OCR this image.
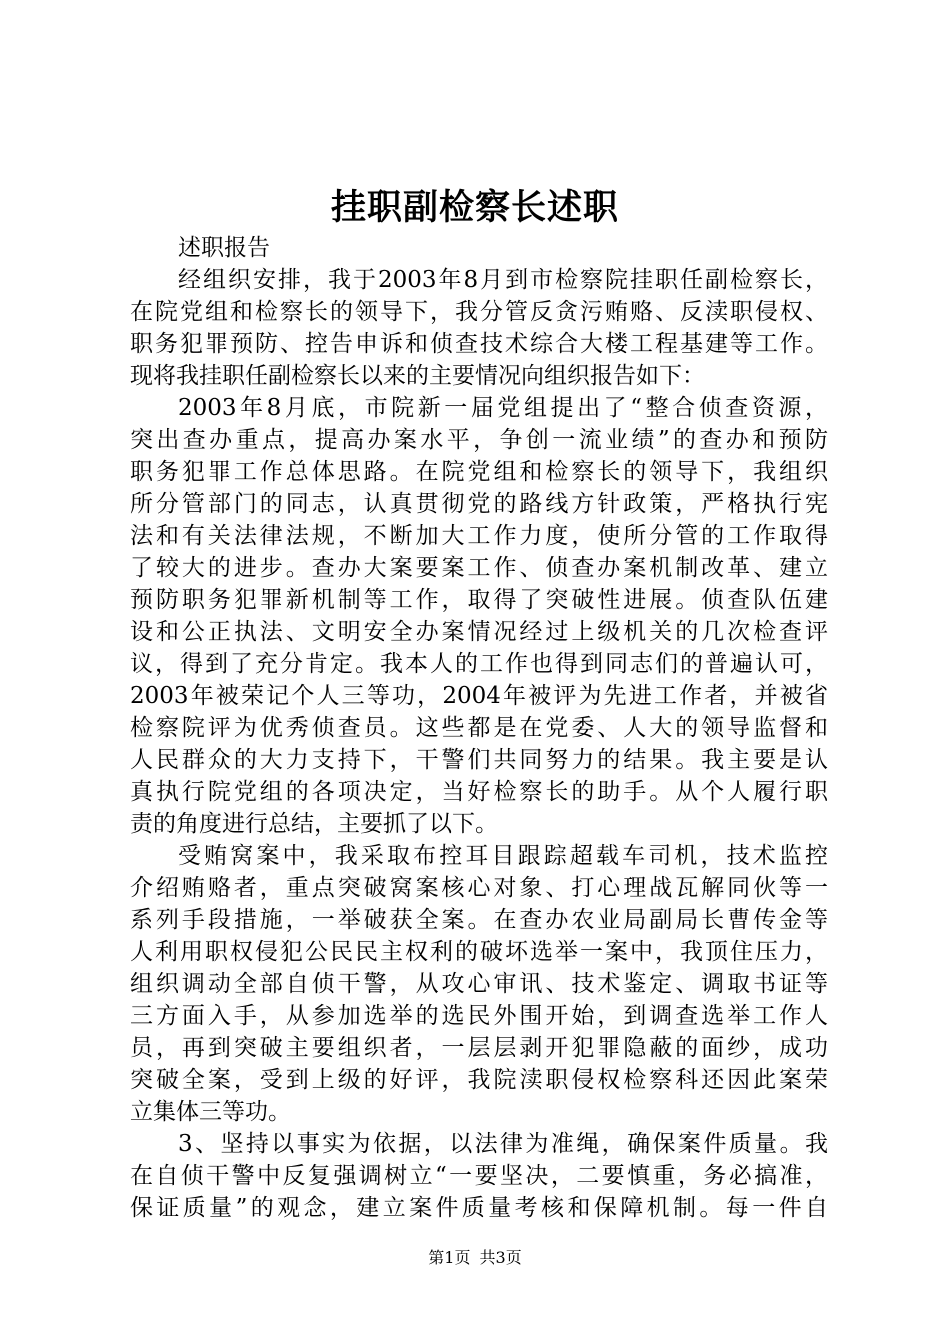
挂职副检察长述职
述职报告
经组织安排，我于2003年8月到市检察院挂职任副检察长，
在院党组和检察长的领导下，我分管反贪污贿赂、反渎职侵权、
职务犯罪预防、控告申诉和侦查技术综合大楼工程基建等工作。
现将我挂职任副检察长以来的主要情况向组织报告如下：
2003年8月底，市院新一届党组提出了“整合侦查资源，
突出查办重点，提高办案水平，争创一流业绩”的查办和预防
职务犯罪工作总体思路。在院党组和检察长的领导下，我组织
所分管部门的同志，认真贯彻党的路线方针政策，严格执行宪
法和有关法律法规，不断加大工作力度，使所分管的工作取得
了较大的进步。查办大案要案工作、侦查办案机制改革、建立
预防职务犯罪新机制等工作，取得了突破性进展。侦查队伍建
设和公正执法、文明安全办案情况经过上级机关的几次检查评
议，得到了充分肯定。我本人的工作也得到同志们的普遍认可，
2003年被荣记个人三等功，2004年被评为先进工作者，并被省
检察院评为优秀侦查员。这些都是在党委、人大的领导监督和
人民群众的大力支持下，干警们共同努力的结果。我主要是认
真执行院党组的各项决定，当好检察长的助手。从个人履行职
责的角度进行总结，主要抓了以下。
受贿窝案中，我采取布控耳目跟踪超载车司机，技术监控
介绍贿赂者，重点突破窝案核心对象、打心理战瓦解同伙等一
系列手段措施，一举破获全案。在查办农业局副局长曹传金等
人利用职权侵犯公民民主权利的破坏选举一案中，我顶住压力，
组织调动全部自侦干警，从攻心审讯、技术鉴定、调取书证等
三方面入手，从参加选举的选民外围开始，到调查选举工作人
员，再到突破主要组织者，一层层剥开犯罪隐蔽的面纱，成功
突破全案，受到上级的好评，我院渎职侵权检察科还因此案荣
立集体三等功。
3、坚持以事实为依据，以法律为准绳，确保案件质量。我
在自侦干警中反复强调树立“一要坚决，二要慎重，务必搞准，
保证质量”的观念，建立案件质量考核和保障机制。每一件自
第1页 共3页
